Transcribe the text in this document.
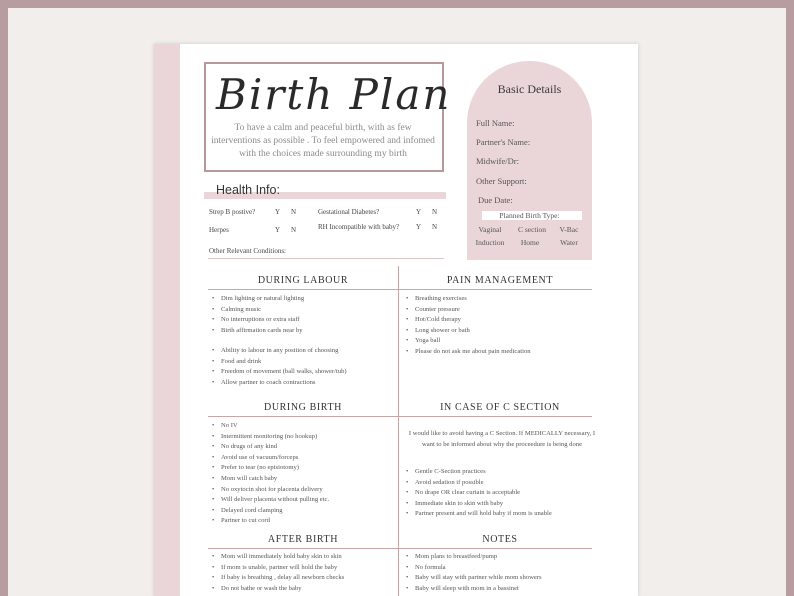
Birth Plan
To have a calm and peaceful birth, with as few interventions as possible . To feel empowered and infomed with the choices made surrounding my birth
Basic Details
Full Name:
Partner's Name:
Midwife/Dr:
Other Support:
Due Date:
Planned Birth Type:
Vaginal	C section	V-Bac
Induction	Home	Water
Health Info:
Strep B postive?	Y N	Gestational Diabetes?	Y N
Herpes	Y N	RH Incompatible with baby?	Y N
Other Relevant Conditions:
DURING LABOUR
• Dim lighting or natural lighting
• Calming music
• No interruptions or extra staff
• Birth affirmation cards near by
• Ability to labour in any position of choosing
• Food and drink
• Freedom of movement (ball walks, shower/tub)
• Allow partner to coach contractions
PAIN MANAGEMENT
• Breathing exercises
• Counter pressure
• Hot/Cold therapy
• Long shower or bath
• Yoga ball
• Please do not ask me about pain medication
DURING BIRTH
• No IV
• Intermittent monitoring (no hookup)
• No drugs of any kind
• Avoid use of vacuum/forceps
• Prefer to tear (no episiotomy)
• Mom will catch baby
• No oxytocin shot for placenta delivery
• Will deliver placenta without pulling etc.
• Delayed cord clamping
• Partner to cut cord
IN CASE OF C SECTION
I would like to avoid having a C Section. If MEDICALLY necessary, I want to be informed about why the proceedure is being done
• Gentle C-Section practices
• Avoid sedation if possible
• No drape OR clear curtain is acceptable
• Immediate skin to skin with baby
• Partner present and will hold baby if mom is unable
AFTER BIRTH
• Mom will immediately hold baby skin to skin
• If mom is unable, partner will hold the baby
• If baby is breathing , delay all newborn checks
• Do not bathe or wash the baby
NOTES
• Mom plans to breastfeed/pump
• No formula
• Baby will stay with partner while mom showers
• Baby will sleep with mom in a bassinet
